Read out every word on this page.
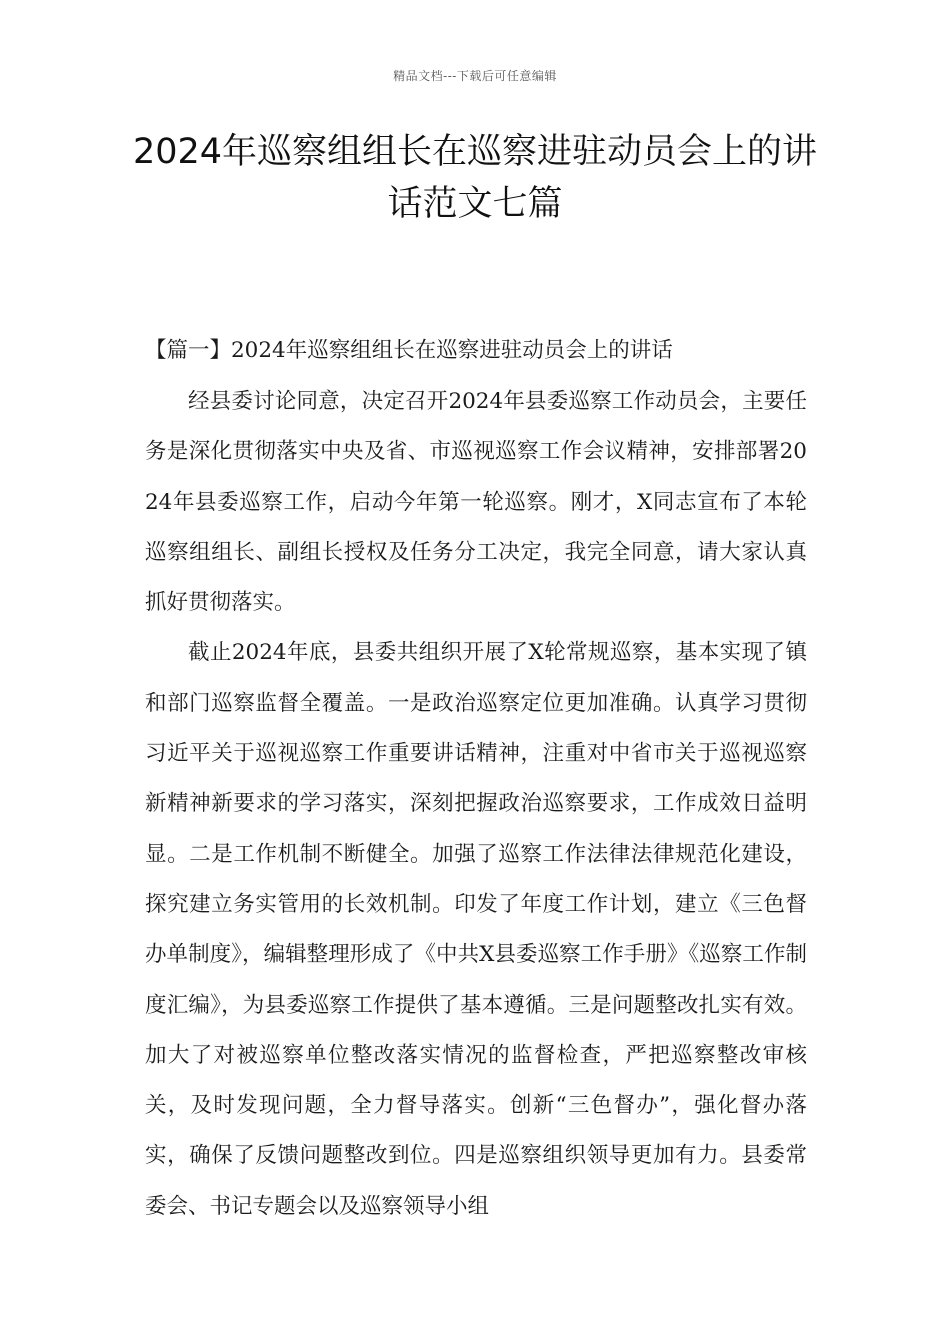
精品文档---下载后可任意编辑
2024年巡察组组长在巡察进驻动员会上的讲话范文七篇
【篇一】2024年巡察组组长在巡察进驻动员会上的讲话

经县委讨论同意，决定召开2024年县委巡察工作动员会，主要任务是深化贯彻落实中央及省、市巡视巡察工作会议精神，安排部署2024年县委巡察工作，启动今年第一轮巡察。刚才，X同志宣布了本轮巡察组组长、副组长授权及任务分工决定，我完全同意，请大家认真抓好贯彻落实。

截止2024年底，县委共组织开展了X轮常规巡察，基本实现了镇和部门巡察监督全覆盖。一是政治巡察定位更加准确。认真学习贯彻习近平关于巡视巡察工作重要讲话精神，注重对中省市关于巡视巡察新精神新要求的学习落实，深刻把握政治巡察要求，工作成效日益明显。二是工作机制不断健全。加强了巡察工作法律法律规范化建设，探究建立务实管用的长效机制。印发了年度工作计划，建立《三色督办单制度》，编辑整理形成了《中共X县委巡察工作手册》《巡察工作制度汇编》，为县委巡察工作提供了基本遵循。三是问题整改扎实有效。加大了对被巡察单位整改落实情况的监督检查，严把巡察整改审核关，及时发现问题，全力督导落实。创新“三色督办”，强化督办落实，确保了反馈问题整改到位。四是巡察组织领导更加有力。县委常委会、书记专题会以及巡察领导小组
